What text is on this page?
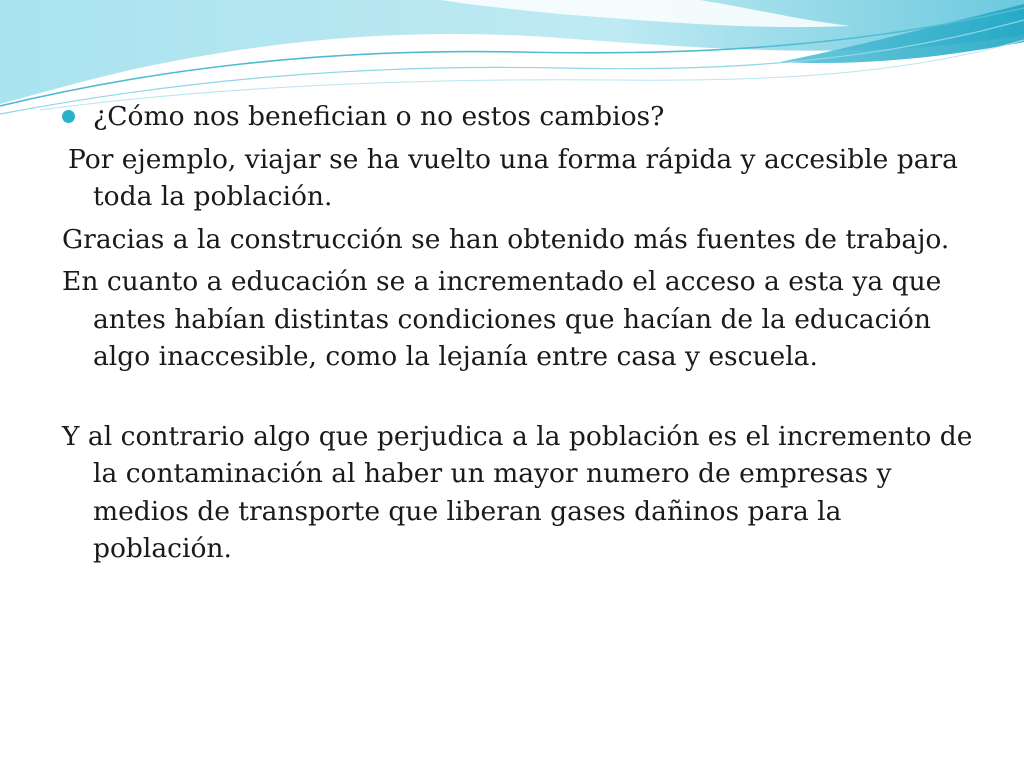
¿Cómo nos benefician o no estos cambios?

Por ejemplo, viajar se ha vuelto una forma rápida y accesible para toda la población.

Gracias a la construcción se han obtenido más fuentes de trabajo.

En cuanto a educación se a incrementado el acceso a esta ya que antes habían distintas condiciones que hacían de la educación algo inaccesible, como la lejanía entre casa y escuela.

Y al contrario algo que perjudica a la población es el incremento de la contaminación al haber un mayor numero de empresas y medios de transporte que liberan gases dañinos para la población.
